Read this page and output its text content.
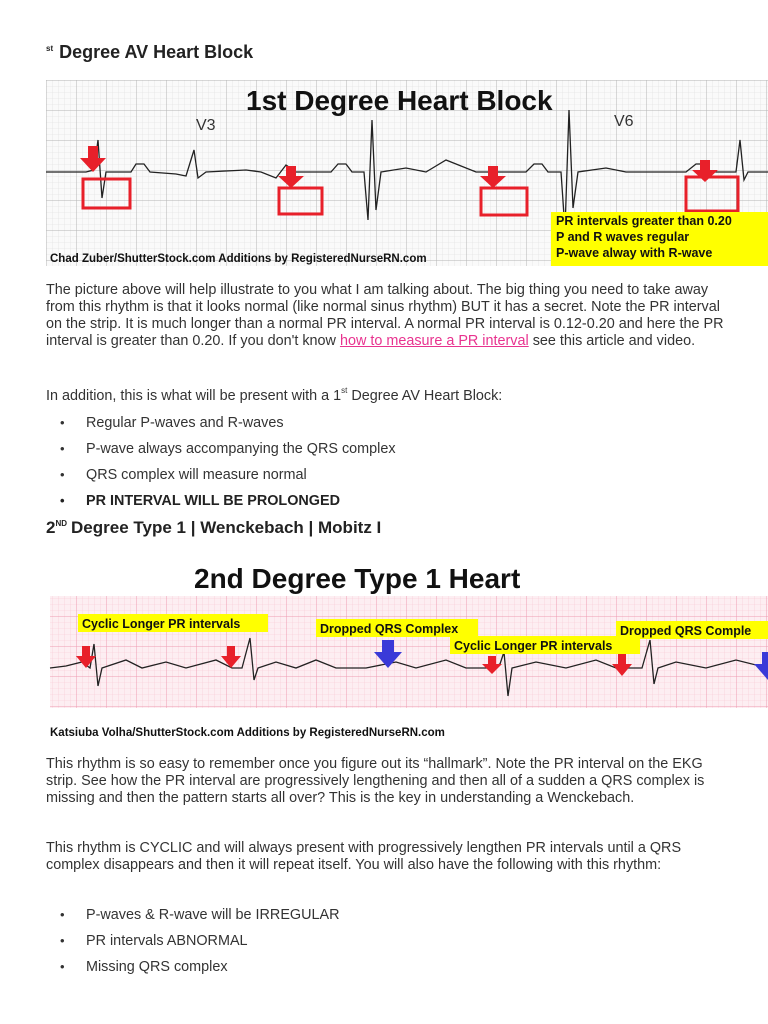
$^{st}$ Degree AV Heart Block
1st Degree Heart Block
V3	V6
PR intervals greater than 0.20 P and R waves regular P-wave alway with R-wave
Chad Zuber/ShutterStock.com Additions by RegisteredNurseRN.com

The picture above will help illustrate to you what I am talking about. The big thing you need to take away from this rhythm is that it looks normal (like normal sinus rhythm) BUT it has a secret. Note the PR interval on the strip. It is much longer than a normal PR interval. A normal PR interval is 0.12-0.20 and here the PR interval is greater than 0.20. If you don't know how to measure a PR interval see this article and video.

In addition, this is what will be present with a 1st Degree AV Heart Block:

• Regular P-waves and R-waves
• P-wave always accompanying the QRS complex
• QRS complex will measure normal
• PR INTERVAL WILL BE PROLONGED
2ND Degree Type 1 | Wenckebach | Mobitz I
2nd Degree Type 1 Heart
Cyclic Longer PR intervals	Dropped QRS Complex
Cyclic Longer PR intervals
Dropped QRS Comple
Katsiuba Volha/ShutterStock.com Additions by RegisteredNurseRN.com

This rhythm is so easy to remember once you figure out its “hallmark”. Note the PR interval on the EKG strip. See how the PR interval are progressively lengthening and then all of a sudden a QRS complex is missing and then the pattern starts all over? This is the key in understanding a Wenckebach.

This rhythm is CYCLIC and will always present with progressively lengthen PR intervals until a QRS complex disappears and then it will repeat itself. You will also have the following with this rhythm:

• P-waves & R-wave will be IRREGULAR
• PR intervals ABNORMAL
• Missing QRS complex
